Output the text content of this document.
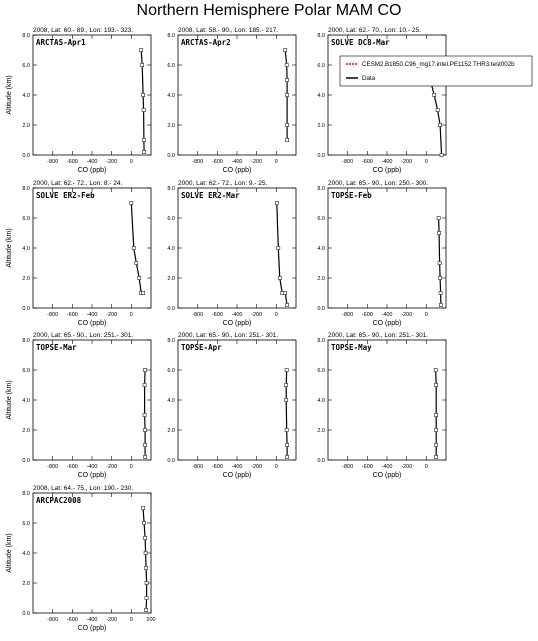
Northern Hemisphere Polar MAM CO
2008, Lat: 60.- 89., Lon: 193.- 323.
-800 -600 -400 -200 0
0.0
2.0
4.0
6.0
8.0
CO (ppb)
Altitude (km)
ARCTAS-Apr1
2008, Lat: 58.- 90., Lon: 185.- 217.
-800 -600 -400 -200 0
0.0
2.0
4.0
6.0
8.0
CO (ppb)
ARCTAS-Apr2
2000, Lat: 62.- 70., Lon: 10.- 25.
-800 -600 -400 -200 0
0.0
2.0
4.0
6.0
8.0
CO (ppb)
SOLVE DC8-Mar
2000, Lat: 62.- 72., Lon: 8.- 24.
-800 -600 -400 -200 0
0.0
2.0
4.0
6.0
8.0
CO (ppb)
Altitude (km)
SOLVE ER2-Feb
2000, Lat: 62.- 72., Lon: 9.- 25.
-800 -600 -400 -200 0
0.0
2.0
4.0
6.0
8.0
CO (ppb)
SOLVE ER2-Mar
2000, Lat: 65.- 90., Lon: 250.- 300.
-800 -600 -400 -200 0
0.0
2.0
4.0
6.0
8.0
CO (ppb)
TOPSE-Feb
2000, Lat: 65.- 90., Lon: 251.- 301.
-800 -600 -400 -200 0
0.0
2.0
4.0
6.0
8.0
CO (ppb)
Altitude (km)
TOPSE-Mar
2000, Lat: 65.- 90., Lon: 251.- 301.
-800 -600 -400 -200 0
0.0
2.0
4.0
6.0
8.0
CO (ppb)
TOPSE-Apr
2000, Lat: 65.- 90., Lon: 251.- 301.
-800 -600 -400 -200 0
0.0
2.0
4.0
6.0
8.0
CO (ppb)
TOPSE-May
2008, Lat: 64.- 75., Lon: 190.- 230.
-800 -600 -400 -200 0 200
0.0
2.0
4.0
6.0
8.0
CO (ppb)
Altitude (km)
ARCPAC2008
CESM2.B1850.C96_mg17.intel.PE1152.THR3.test002b
Data
